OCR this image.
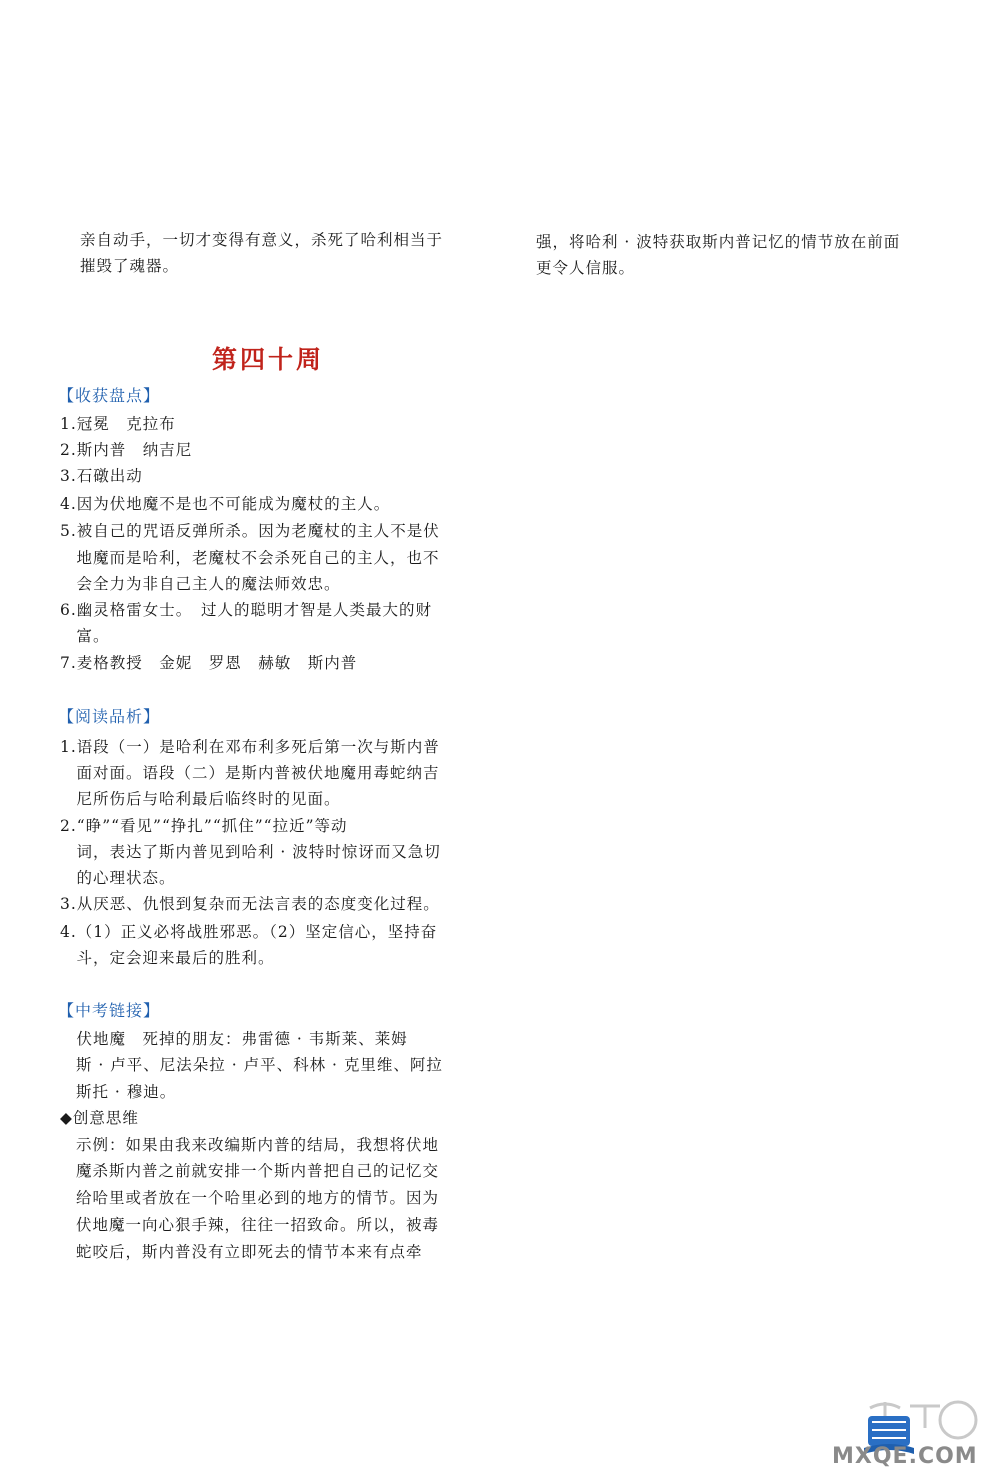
亲自动手，一切才变得有意义，杀死了哈利相当于
摧毁了魂器。
强，将哈利 · 波特获取斯内普记忆的情节放在前面
更令人信服。
第四十周
【收获盘点】
1.冠冕　克拉布
2.斯内普　纳吉尼
3.石礅出动
4.因为伏地魔不是也不可能成为魔杖的主人。
5.被自己的咒语反弹所杀。因为老魔杖的主人不是伏
　地魔而是哈利，老魔杖不会杀死自己的主人，也不
　会全力为非自己主人的魔法师效忠。
6.幽灵格雷女士。　过人的聪明才智是人类最大的财
　富。
7.麦格教授　金妮　罗恩　赫敏　斯内普
【阅读品析】
1.语段（一）是哈利在邓布利多死后第一次与斯内普
　面对面。语段（二）是斯内普被伏地魔用毒蛇纳吉
　尼所伤后与哈利最后临终时的见面。
2.“睁”“看见”“挣扎”“抓住”“拉近”等动
　词，表达了斯内普见到哈利 · 波特时惊讶而又急切
　的心理状态。
3.从厌恶、仇恨到复杂而无法言表的态度变化过程。
4.（1）正义必将战胜邪恶。（2）坚定信心，坚持奋
　斗，定会迎来最后的胜利。
【中考链接】
　伏地魔　死掉的朋友：弗雷德 · 韦斯莱、莱姆
斯 · 卢平、尼法朵拉 · 卢平、科林 · 克里维、阿拉
斯托 · 穆迪。
◆创意思维
示例：如果由我来改编斯内普的结局，我想将伏地
魔杀斯内普之前就安排一个斯内普把自己的记忆交
给哈里或者放在一个哈里必到的地方的情节。因为
伏地魔一向心狠手辣，往往一招致命。所以，被毒
蛇咬后，斯内普没有立即死去的情节本来有点牵
MXQE.COM
